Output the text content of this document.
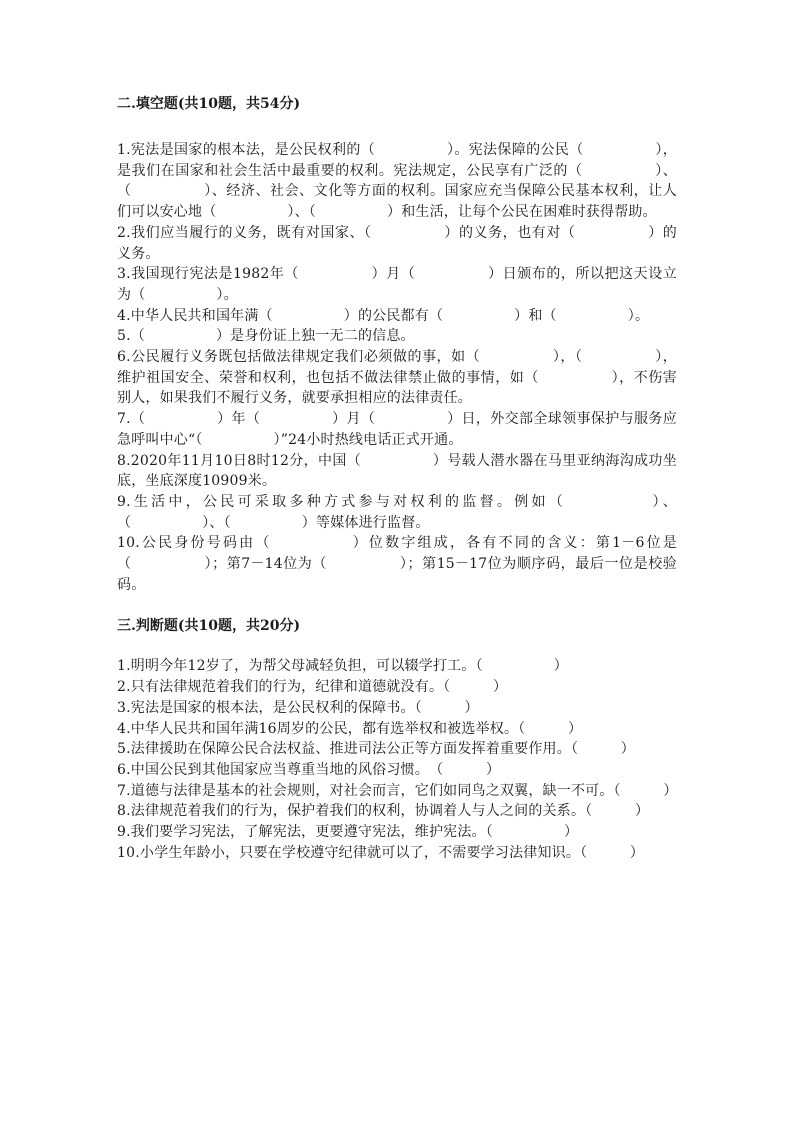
二.填空题(共10题，共54分)

1.宪法是国家的根本法，是公民权利的（　　　　　）。宪法保障的公民（　　　　　），是我们在国家和社会生活中最重要的权利。宪法规定，公民享有广泛的（　　　　　）、（　　　　　）、经济、社会、文化等方面的权利。国家应充当保障公民基本权利，让人们可以安心地（　　　　　）、（　　　　　）和生活，让每个公民在困难时获得帮助。

2.我们应当履行的义务，既有对国家、（　　　　　）的义务，也有对（　　　　　）的义务。

3.我国现行宪法是1982年（　　　　　）月（　　　　　）日颁布的，所以把这天设立为（　　　　　）。

4.中华人民共和国年满（　　　　　）的公民都有（　　　　　）和（　　　　　）。

5.（　　　　　）是身份证上独一无二的信息。

6.公民履行义务既包括做法律规定我们必须做的事，如（　　　　　），（　　　　　），维护祖国安全、荣誉和权利，也包括不做法律禁止做的事情，如（　　　　　），不伤害别人，如果我们不履行义务，就要承担相应的法律责任。

7.（　　　　　）年（　　　　　）月（　　　　　）日，外交部全球领事保护与服务应急呼叫中心“（　　　　　）”24小时热线电话正式开通。

8.2020年11月10日8时12分，中国（　　　　　）号载人潜水器在马里亚纳海沟成功坐底，坐底深度10909米。

9.生活中，公民可采取多种方式参与对权利的监督。例如（　　　　　）、（　　　　　）、（　　　　　）等媒体进行监督。

10.公民身份号码由（　　　　　）位数字组成，各有不同的含义：第1－6位是（　　　　　）；第7－14位为（　　　　　）；第15－17位为顺序码，最后一位是校验码。

三.判断题(共10题，共20分)

1.明明今年12岁了，为帮父母减轻负担，可以辍学打工。（　　　　　）

2.只有法律规范着我们的行为，纪律和道德就没有。（　　　）

3.宪法是国家的根本法，是公民权利的保障书。（　　　）

4.中华人民共和国年满16周岁的公民，都有选举权和被选举权。（　　　）

5.法律援助在保障公民合法权益、推进司法公正等方面发挥着重要作用。（　　　）

6.中国公民到其他国家应当尊重当地的风俗习惯。　（　　　）

7.道德与法律是基本的社会规则，对社会而言，它们如同鸟之双翼，缺一不可。（　　　）

8.法律规范着我们的行为，保护着我们的权利，协调着人与人之间的关系。（　　　）

9.我们要学习宪法，了解宪法，更要遵守宪法，维护宪法。（　　　　　）

10.小学生年龄小，只要在学校遵守纪律就可以了，不需要学习法律知识。（　　　）
